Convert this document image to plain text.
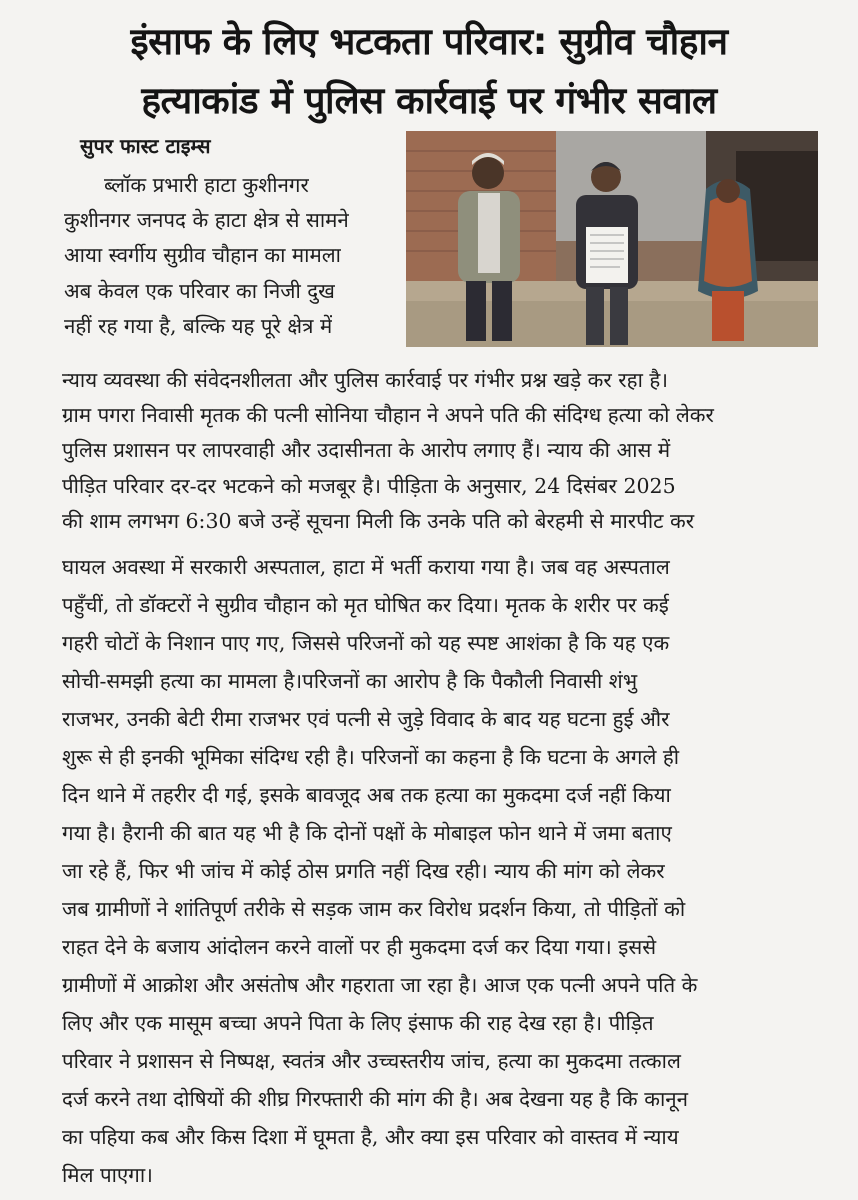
इंसाफ के लिए भटकता परिवार: सुग्रीव चौहान
हत्याकांड में पुलिस कार्रवाई पर गंभीर सवाल
सुपर फास्ट टाइम्स
ब्लॉक प्रभारी हाटा कुशीनगर
कुशीनगर जनपद के हाटा क्षेत्र से सामने
आया स्वर्गीय सुग्रीव चौहान का मामला
अब केवल एक परिवार का निजी दुख
नहीं रह गया है, बल्कि यह पूरे क्षेत्र में
न्याय व्यवस्था की संवेदनशीलता और पुलिस कार्रवाई पर गंभीर प्रश्न खड़े कर रहा है।
ग्राम पगरा निवासी मृतक की पत्नी सोनिया चौहान ने अपने पति की संदिग्ध हत्या को लेकर
पुलिस प्रशासन पर लापरवाही और उदासीनता के आरोप लगाए हैं। न्याय की आस में
पीड़ित परिवार दर-दर भटकने को मजबूर है। पीड़िता के अनुसार, 24 दिसंबर 2025
की शाम लगभग 6:30 बजे उन्हें सूचना मिली कि उनके पति को बेरहमी से मारपीट कर
घायल अवस्था में सरकारी अस्पताल, हाटा में भर्ती कराया गया है। जब वह अस्पताल
पहुँचीं, तो डॉक्टरों ने सुग्रीव चौहान को मृत घोषित कर दिया। मृतक के शरीर पर कई
गहरी चोटों के निशान पाए गए, जिससे परिजनों को यह स्पष्ट आशंका है कि यह एक
सोची-समझी हत्या का मामला है।परिजनों का आरोप है कि पैकौली निवासी शंभु
राजभर, उनकी बेटी रीमा राजभर एवं पत्नी से जुड़े विवाद के बाद यह घटना हुई और
शुरू से ही इनकी भूमिका संदिग्ध रही है। परिजनों का कहना है कि घटना के अगले ही
दिन थाने में तहरीर दी गई, इसके बावजूद अब तक हत्या का मुकदमा दर्ज नहीं किया
गया है। हैरानी की बात यह भी है कि दोनों पक्षों के मोबाइल फोन थाने में जमा बताए
जा रहे हैं, फिर भी जांच में कोई ठोस प्रगति नहीं दिख रही। न्याय की मांग को लेकर
जब ग्रामीणों ने शांतिपूर्ण तरीके से सड़क जाम कर विरोध प्रदर्शन किया, तो पीड़ितों को
राहत देने के बजाय आंदोलन करने वालों पर ही मुकदमा दर्ज कर दिया गया। इससे
ग्रामीणों में आक्रोश और असंतोष और गहराता जा रहा है। आज एक पत्नी अपने पति के
लिए और एक मासूम बच्चा अपने पिता के लिए इंसाफ की राह देख रहा है। पीड़ित
परिवार ने प्रशासन से निष्पक्ष, स्वतंत्र और उच्चस्तरीय जांच, हत्या का मुकदमा तत्काल
दर्ज करने तथा दोषियों की शीघ्र गिरफ्तारी की मांग की है। अब देखना यह है कि कानून
का पहिया कब और किस दिशा में घूमता है, और क्या इस परिवार को वास्तव में न्याय
मिल पाएगा।
